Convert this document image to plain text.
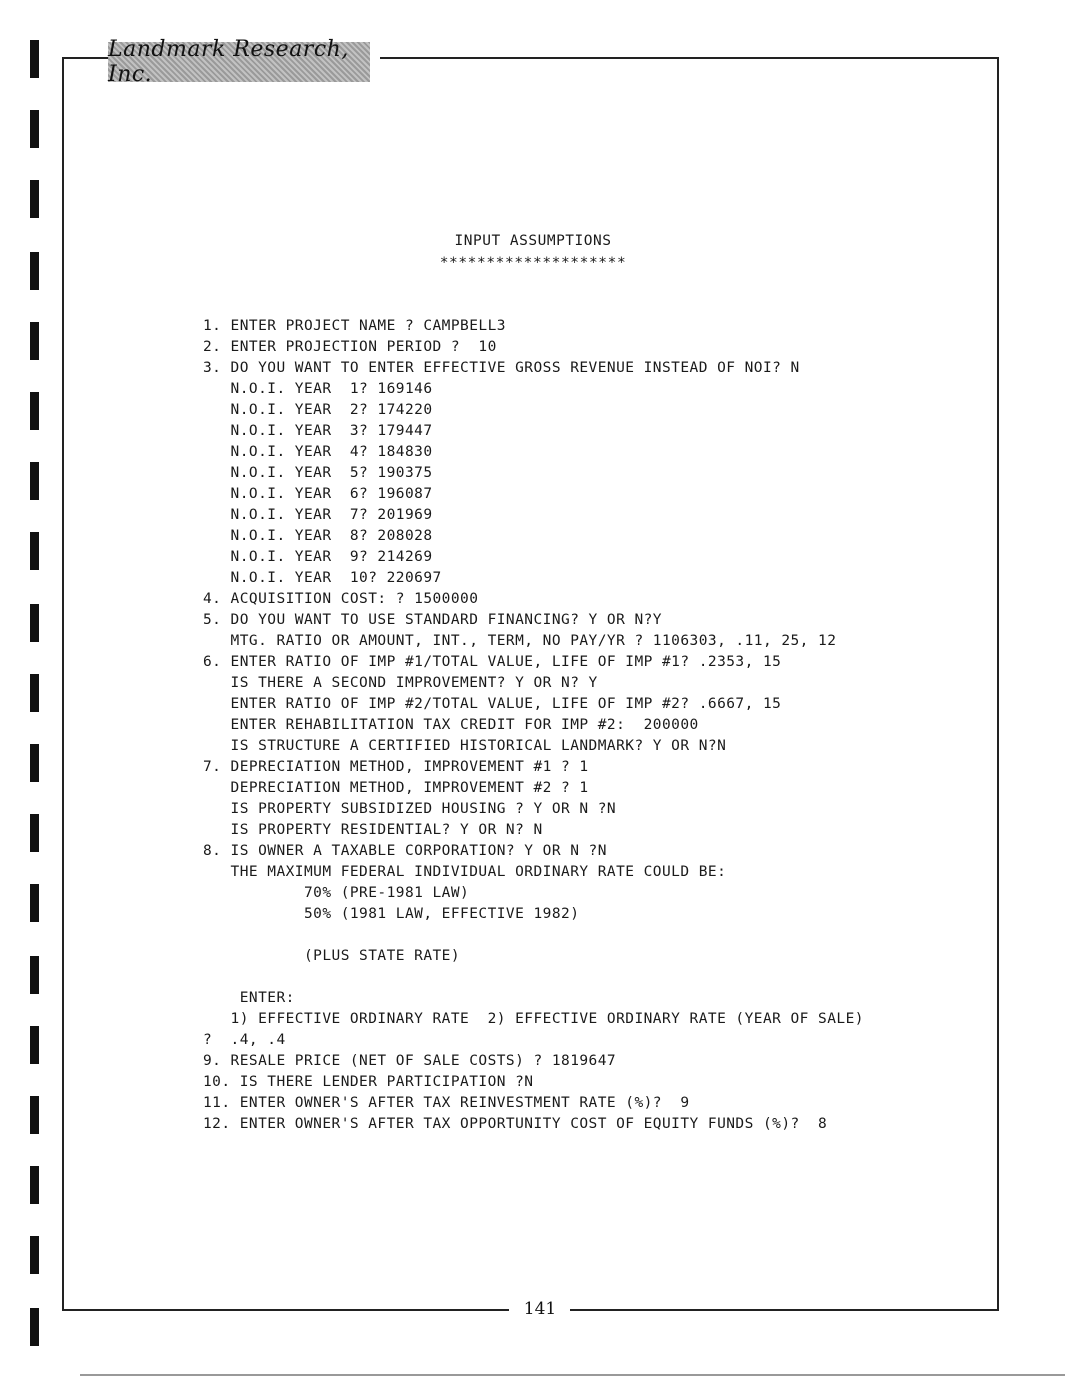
Landmark Research, Inc.
INPUT ASSUMPTIONS
********************
1. ENTER PROJECT NAME ? CAMPBELL3
2. ENTER PROJECTION PERIOD ?  10
3. DO YOU WANT TO ENTER EFFECTIVE GROSS REVENUE INSTEAD OF NOI? N
N.O.I. YEAR  1? 169146
N.O.I. YEAR  2? 174220
N.O.I. YEAR  3? 179447
N.O.I. YEAR  4? 184830
N.O.I. YEAR  5? 190375
N.O.I. YEAR  6? 196087
N.O.I. YEAR  7? 201969
N.O.I. YEAR  8? 208028
N.O.I. YEAR  9? 214269
N.O.I. YEAR  10? 220697
4. ACQUISITION COST: ? 1500000
5. DO YOU WANT TO USE STANDARD FINANCING? Y OR N?Y
MTG. RATIO OR AMOUNT, INT., TERM, NO PAY/YR ? 1106303, .11, 25, 12
6. ENTER RATIO OF IMP #1/TOTAL VALUE, LIFE OF IMP #1? .2353, 15
IS THERE A SECOND IMPROVEMENT? Y OR N? Y
ENTER RATIO OF IMP #2/TOTAL VALUE, LIFE OF IMP #2? .6667, 15
ENTER REHABILITATION TAX CREDIT FOR IMP #2:  200000
IS STRUCTURE A CERTIFIED HISTORICAL LANDMARK? Y OR N?N
7. DEPRECIATION METHOD, IMPROVEMENT #1 ? 1
DEPRECIATION METHOD, IMPROVEMENT #2 ? 1
IS PROPERTY SUBSIDIZED HOUSING ? Y OR N ?N
IS PROPERTY RESIDENTIAL? Y OR N? N
8. IS OWNER A TAXABLE CORPORATION? Y OR N ?N
THE MAXIMUM FEDERAL INDIVIDUAL ORDINARY RATE COULD BE:
70% (PRE-1981 LAW)
50% (1981 LAW, EFFECTIVE 1982)
(PLUS STATE RATE)
ENTER:
1) EFFECTIVE ORDINARY RATE  2) EFFECTIVE ORDINARY RATE (YEAR OF SALE)
?  .4, .4
9. RESALE PRICE (NET OF SALE COSTS) ? 1819647
10. IS THERE LENDER PARTICIPATION ?N
11. ENTER OWNER'S AFTER TAX REINVESTMENT RATE (%)?  9
12. ENTER OWNER'S AFTER TAX OPPORTUNITY COST OF EQUITY FUNDS (%)?  8
141
